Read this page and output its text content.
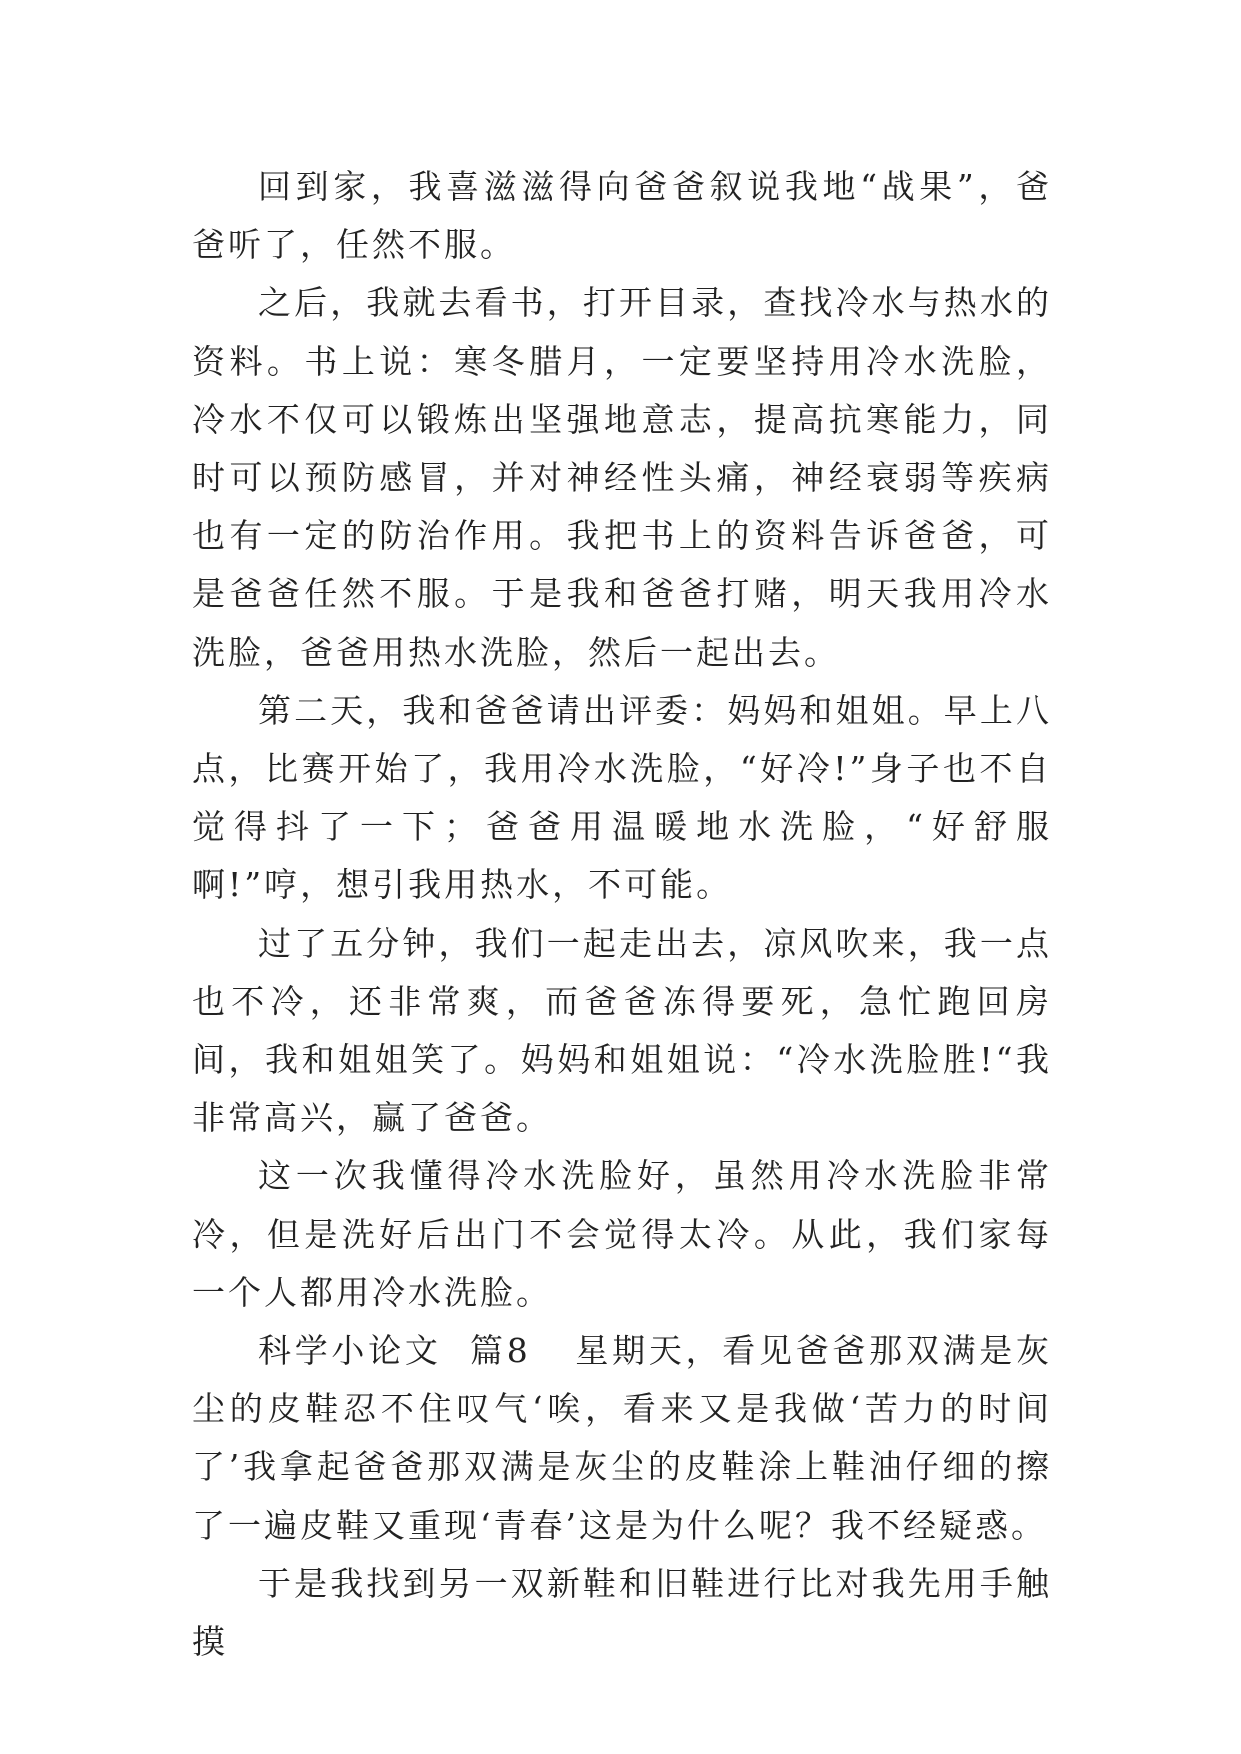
回到家，我喜滋滋得向爸爸叙说我地“战果”，爸爸听了，任然不服。

之后，我就去看书，打开目录，查找冷水与热水的资料。书上说：寒冬腊月，一定要坚持用冷水洗脸，冷水不仅可以锻炼出坚强地意志，提高抗寒能力，同时可以预防感冒，并对神经性头痛，神经衰弱等疾病也有一定的防治作用。我把书上的资料告诉爸爸，可是爸爸任然不服。于是我和爸爸打赌，明天我用冷水洗脸，爸爸用热水洗脸，然后一起出去。

第二天，我和爸爸请出评委：妈妈和姐姐。早上八点，比赛开始了，我用冷水洗脸，“好冷!”身子也不自觉得抖了一下；爸爸用温暖地水洗脸，“好舒服啊!”哼，想引我用热水，不可能。

过了五分钟，我们一起走出去，凉风吹来，我一点也不冷，还非常爽，而爸爸冻得要死，急忙跑回房间，我和姐姐笑了。妈妈和姐姐说：“冷水洗脸胜!“我非常高兴，赢了爸爸。

这一次我懂得冷水洗脸好，虽然用冷水洗脸非常冷，但是洗好后出门不会觉得太冷。从此，我们家每一个人都用冷水洗脸。

科学小论文  篇8 星期天，看见爸爸那双满是灰尘的皮鞋忍不住叹气‘唉，看来又是我做‘苦力的时间了’我拿起爸爸那双满是灰尘的皮鞋涂上鞋油仔细的擦了一遍皮鞋又重现‘青春’这是为什么呢？我不经疑惑。

于是我找到另一双新鞋和旧鞋进行比对我先用手触摸
